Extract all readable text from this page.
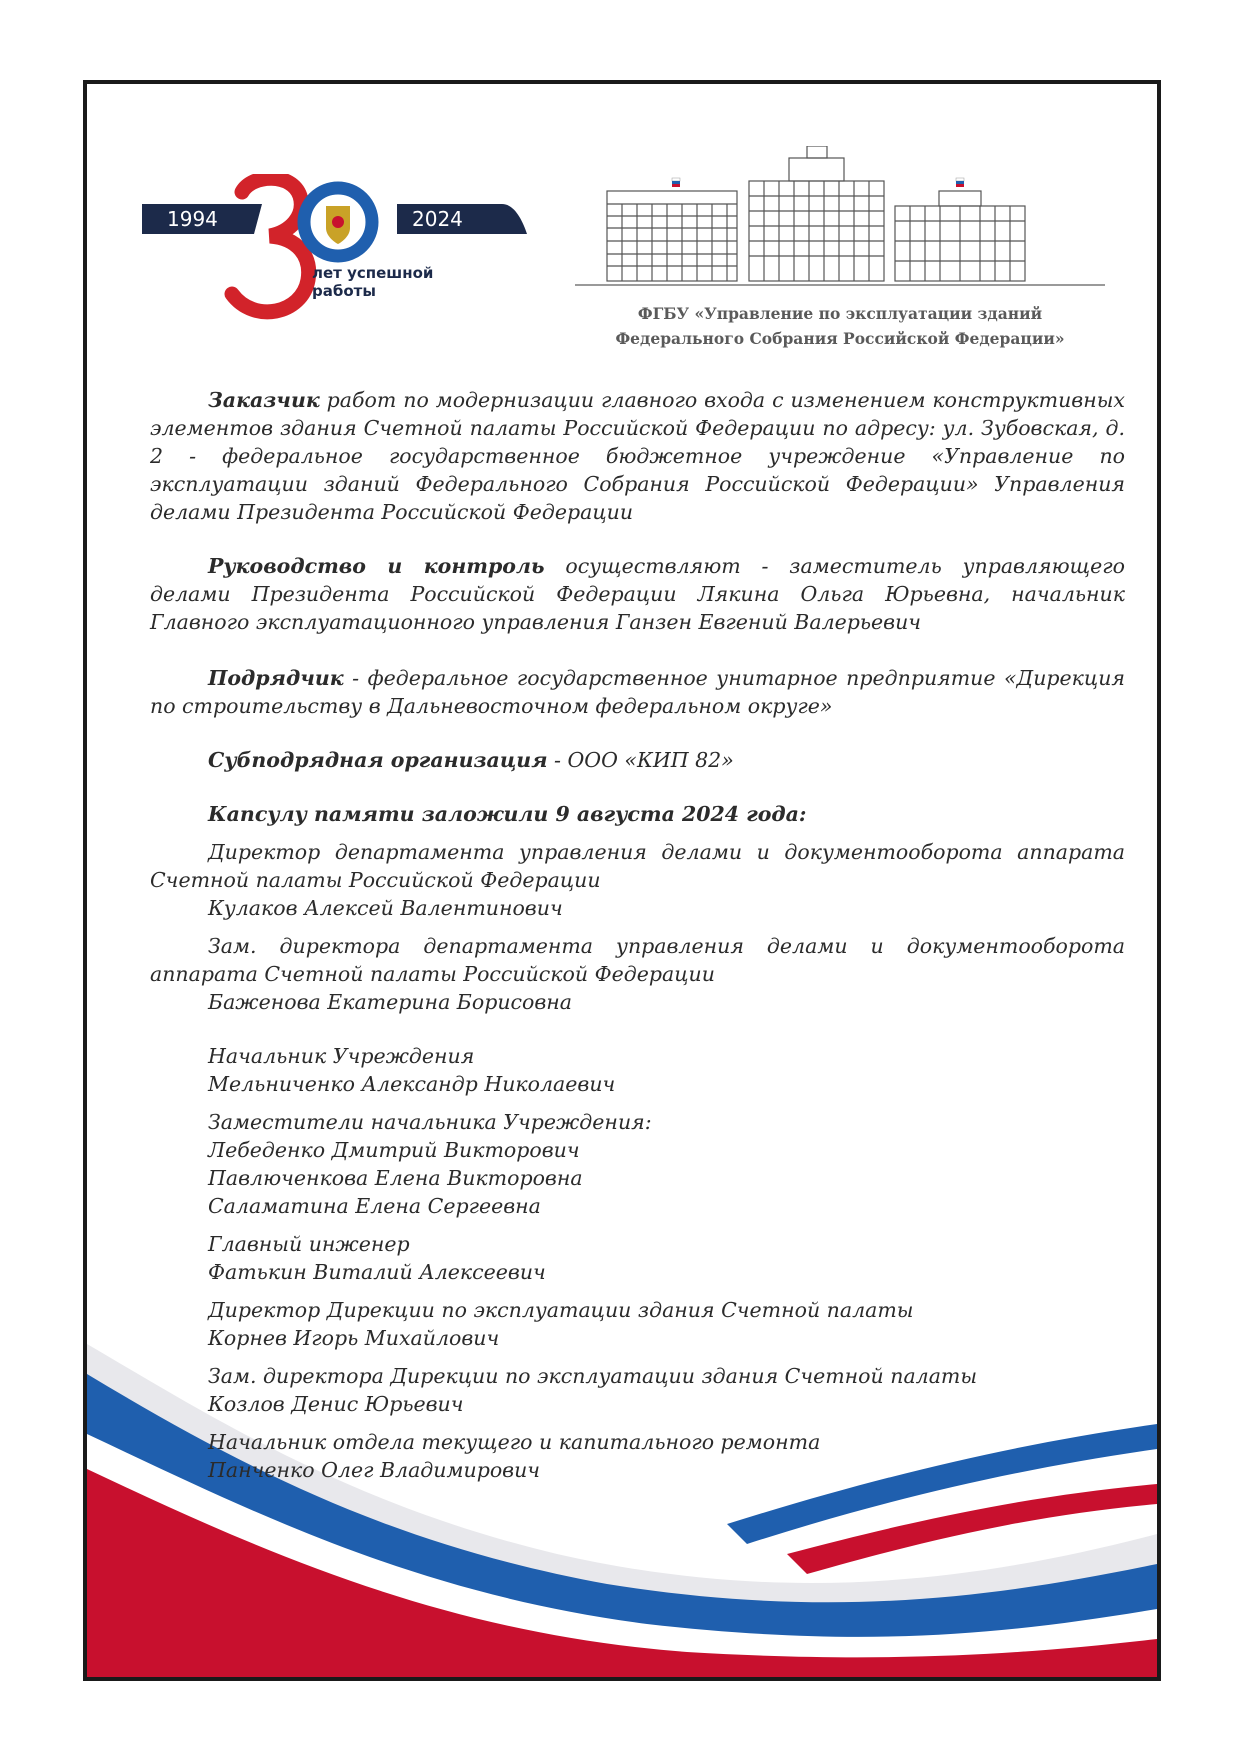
1994	2024
лет успешной
работы
ФГБУ «Управление по эксплуатации зданий
Федерального Собрания Российской Федерации»

Заказчик работ по модернизации главного входа с изменением конструктивных элементов здания Счетной палаты Российской Федерации по адресу: ул. Зубовская, д. 2 - федеральное государственное бюджетное учреждение «Управление по эксплуатации зданий Федерального Собрания Российской Федерации» Управления делами Президента Российской Федерации

Руководство и контроль осуществляют - заместитель управляющего делами Президента Российской Федерации Лякина Ольга Юрьевна, начальник Главного эксплуатационного управления Ганзен Евгений Валерьевич

Подрядчик - федеральное государственное унитарное предприятие «Дирекция по строительству в Дальневосточном федеральном округе»

Субподрядная организация - ООО «КИП 82»

Капсулу памяти заложили 9 августа 2024 года:

Директор департамента управления делами и документооборота аппарата Счетной палаты Российской Федерации

Кулаков Алексей Валентинович

Зам. директора департамента управления делами и документооборота аппарата Счетной палаты Российской Федерации

Баженова Екатерина Борисовна

Начальник Учреждения

Мельниченко Александр Николаевич

Заместители начальника Учреждения:

Лебеденко Дмитрий Викторович

Павлюченкова Елена Викторовна

Саламатина Елена Сергеевна

Главный инженер

Фатькин Виталий Алексеевич

Директор Дирекции по эксплуатации здания Счетной палаты

Корнев Игорь Михайлович

Зам. директора Дирекции по эксплуатации здания Счетной палаты

Козлов Денис Юрьевич

Начальник отдела текущего и капитального ремонта

Панченко Олег Владимирович
